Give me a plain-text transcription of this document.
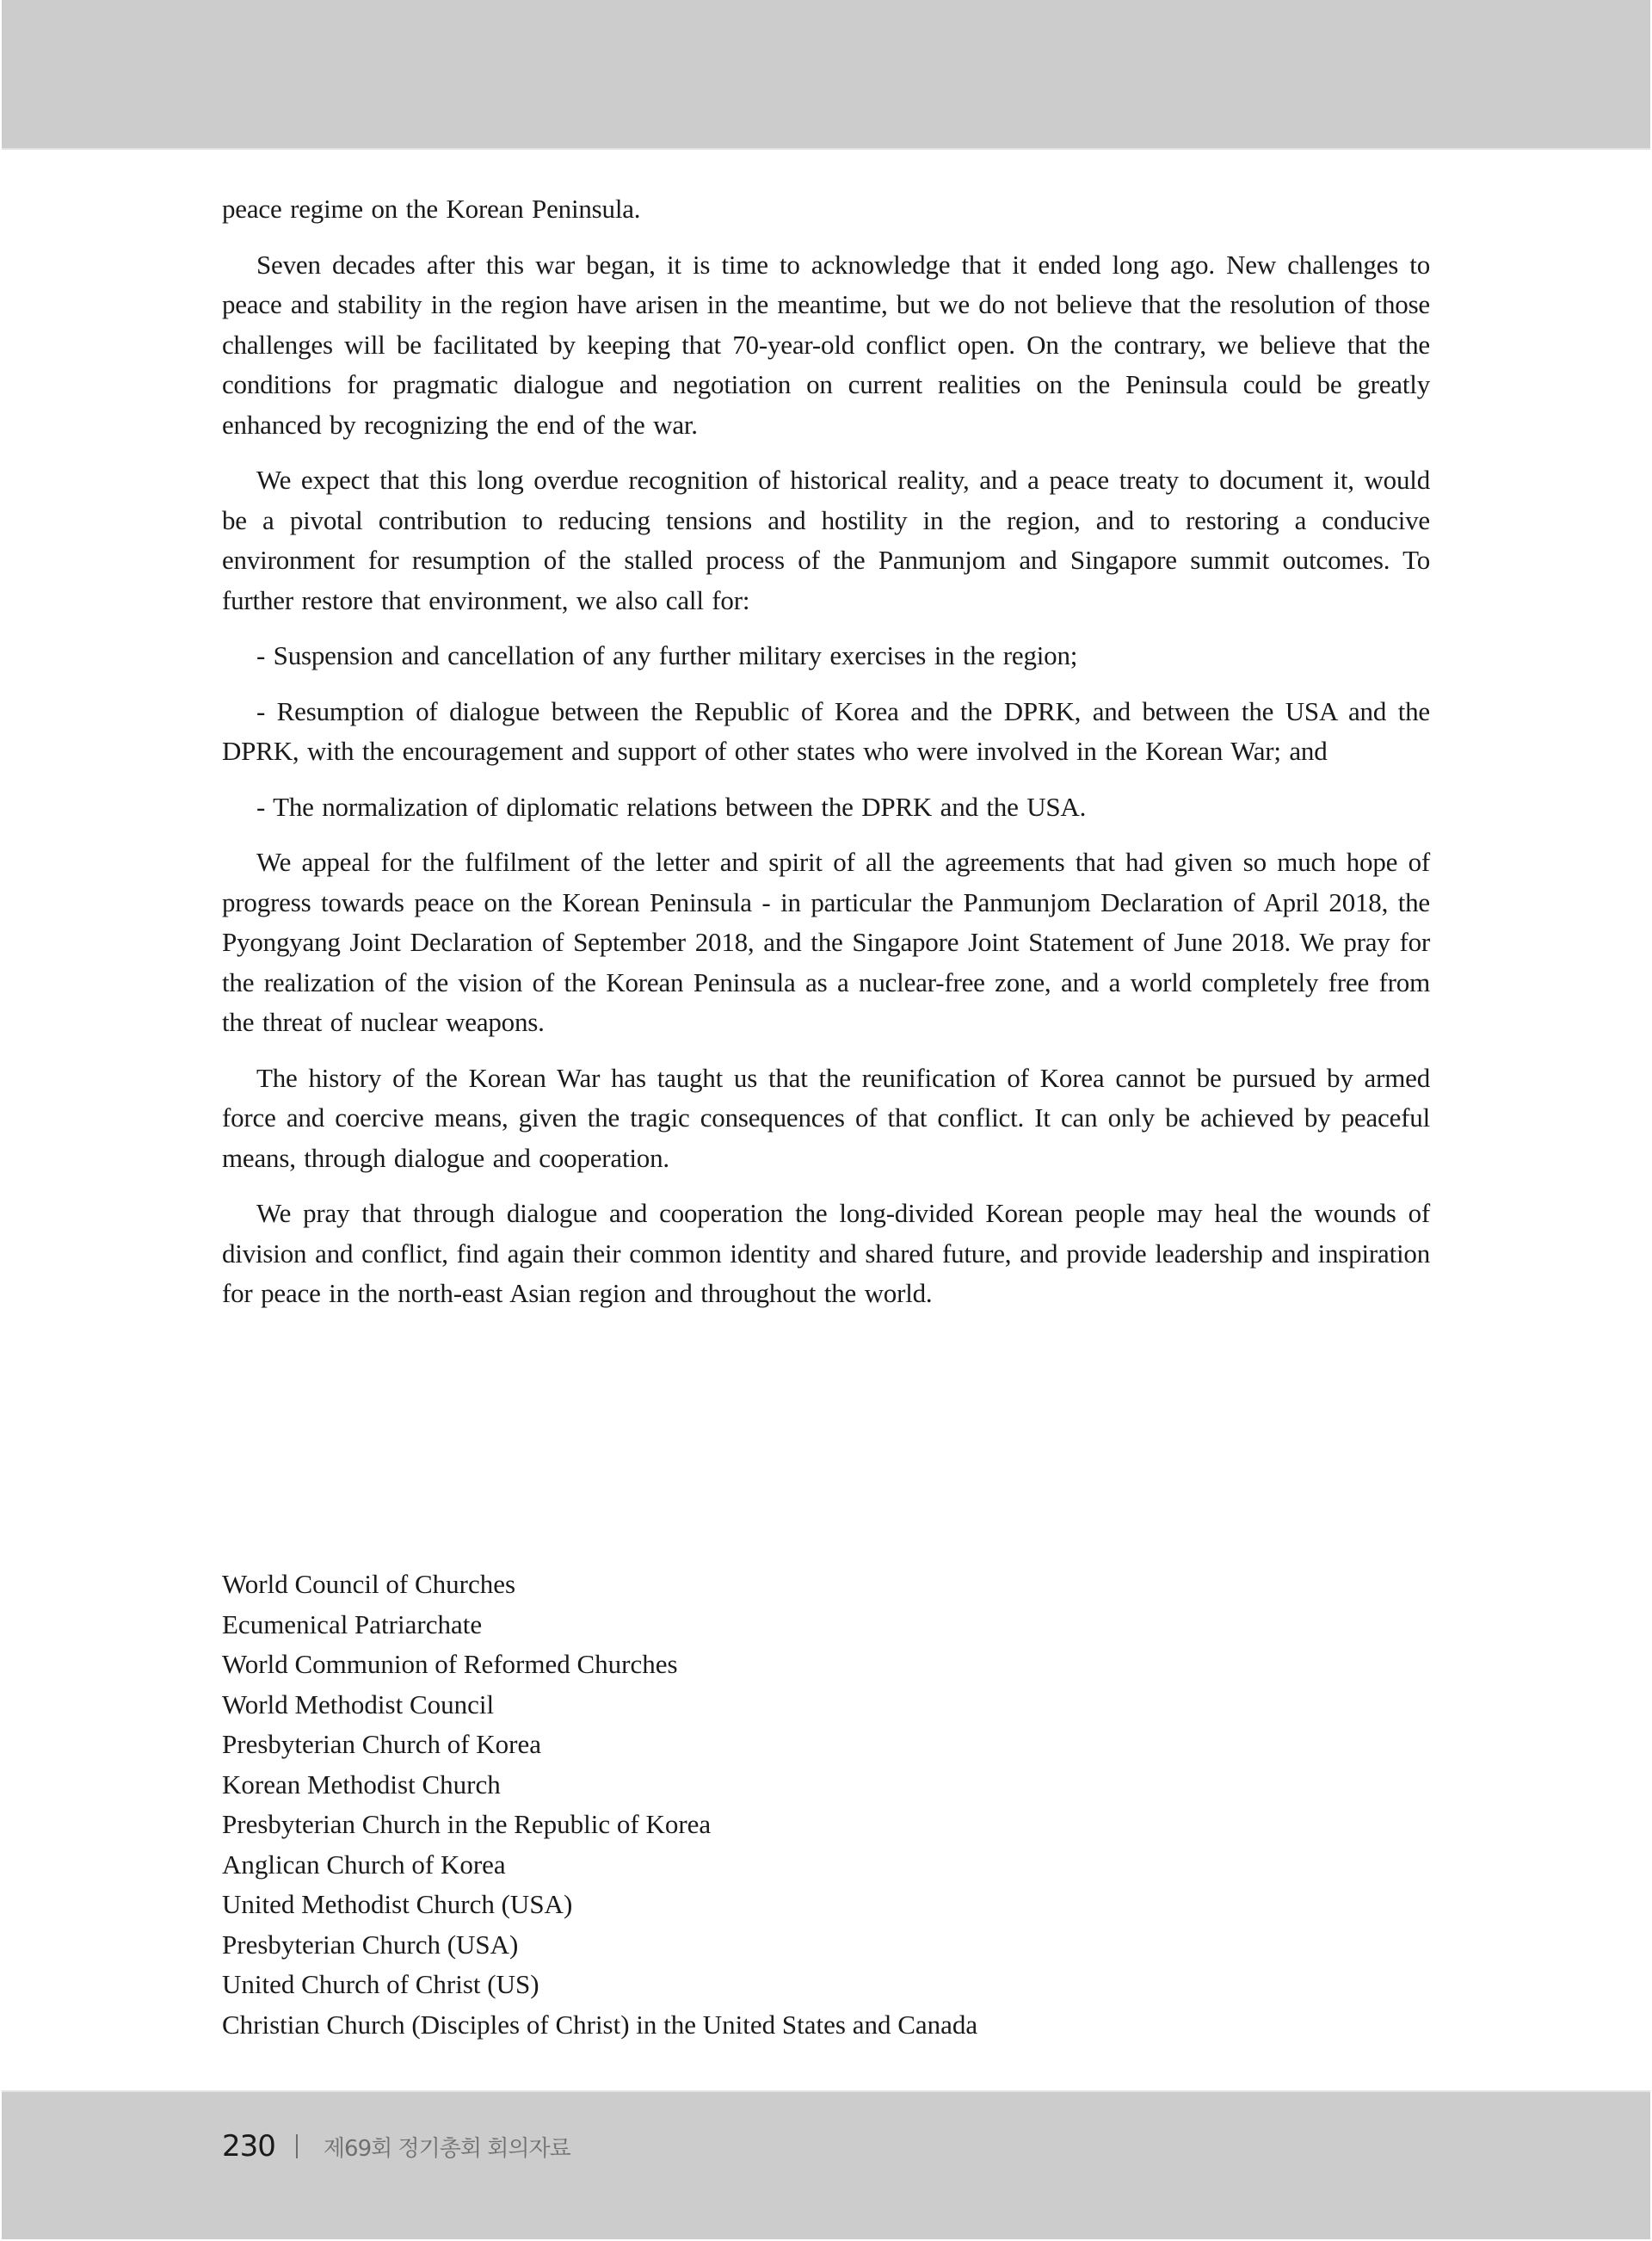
peace regime on the Korean Peninsula.

Seven decades after this war began, it is time to acknowledge that it ended long ago. New challenges to peace and stability in the region have arisen in the meantime, but we do not believe that the resolution of those challenges will be facilitated by keeping that 70-year-old conflict open. On the contrary, we believe that the conditions for pragmatic dialogue and negotiation on current realities on the Peninsula could be greatly enhanced by recognizing the end of the war.

We expect that this long overdue recognition of historical reality, and a peace treaty to document it, would be a pivotal contribution to reducing tensions and hostility in the region, and to restoring a conducive environment for resumption of the stalled process of the Panmunjom and Singapore summit outcomes. To further restore that environment, we also call for:

- Suspension and cancellation of any further military exercises in the region;

- Resumption of dialogue between the Republic of Korea and the DPRK, and between the USA and the DPRK, with the encouragement and support of other states who were involved in the Korean War; and

- The normalization of diplomatic relations between the DPRK and the USA.

We appeal for the fulfilment of the letter and spirit of all the agreements that had given so much hope of progress towards peace on the Korean Peninsula - in particular the Panmunjom Declaration of April 2018, the Pyongyang Joint Declaration of September 2018, and the Singapore Joint Statement of June 2018. We pray for the realization of the vision of the Korean Peninsula as a nuclear-free zone, and a world completely free from the threat of nuclear weapons.

The history of the Korean War has taught us that the reunification of Korea cannot be pursued by armed force and coercive means, given the tragic consequences of that conflict. It can only be achieved by peaceful means, through dialogue and cooperation.

We pray that through dialogue and cooperation the long-divided Korean people may heal the wounds of division and conflict, find again their common identity and shared future, and provide leadership and inspiration for peace in the north-east Asian region and throughout the world.

World Council of Churches
Ecumenical Patriarchate
World Communion of Reformed Churches
World Methodist Council
Presbyterian Church of Korea
Korean Methodist Church
Presbyterian Church in the Republic of Korea
Anglican Church of Korea
United Methodist Church (USA)
Presbyterian Church (USA)
United Church of Christ (US)
Christian Church (Disciples of Christ) in the United States and Canada
230 제69회 정기총회 회의자료
